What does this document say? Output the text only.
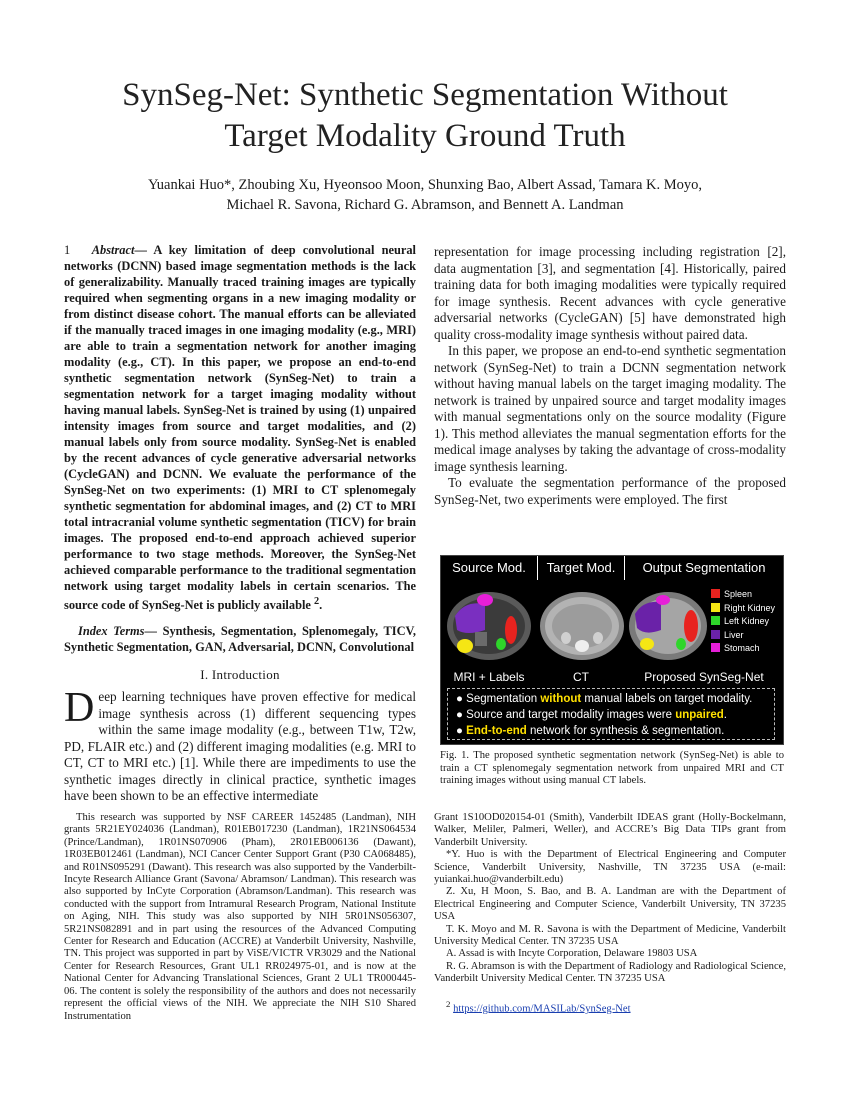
SynSeg-Net: Synthetic Segmentation Without
Target Modality Ground Truth
Yuankai Huo*, Zhoubing Xu, Hyeonsoo Moon, Shunxing Bao, Albert Assad, Tamara K. Moyo,
Michael R. Savona, Richard G. Abramson, and Bennett A. Landman
1 Abstract— A key limitation of deep convolutional neural networks (DCNN) based image segmentation methods is the lack of generalizability. Manually traced training images are typically required when segmenting organs in a new imaging modality or from distinct disease cohort. The manual efforts can be alleviated if the manually traced images in one imaging modality (e.g., MRI) are able to train a segmentation network for another imaging modality (e.g., CT). In this paper, we propose an end-to-end synthetic segmentation network (SynSeg-Net) to train a segmentation network for a target imaging modality without having manual labels. SynSeg-Net is trained by using (1) unpaired intensity images from source and target modalities, and (2) manual labels only from source modality. SynSeg-Net is enabled by the recent advances of cycle generative adversarial networks (CycleGAN) and DCNN. We evaluate the performance of the SynSeg-Net on two experiments: (1) MRI to CT splenomegaly synthetic segmentation for abdominal images, and (2) CT to MRI total intracranial volume synthetic segmentation (TICV) for brain images. The proposed end-to-end approach achieved superior performance to two stage methods. Moreover, the SynSeg-Net achieved comparable performance to the traditional segmentation network using target modality labels in certain scenarios. The source code of SynSeg-Net is publicly available $^2$.
Index Terms— Synthesis, Segmentation, Splenomegaly, TICV, Synthetic Segmentation, GAN, Adversarial, DCNN, Convolutional
I. Introduction
Deep learning techniques have proven effective for medical image synthesis across (1) different sequencing types within the same image modality (e.g., between T1w, T2w, PD, FLAIR etc.) and (2) different imaging modalities (e.g. MRI to CT, CT to MRI etc.) [1]. While there are impediments to use the synthetic images directly in clinical practice, synthetic images have been shown to be an effective intermediate

representation for image processing including registration [2], data augmentation [3], and segmentation [4]. Historically, paired training data for both imaging modalities were typically required for image synthesis. Recent advances with cycle generative adversarial networks (CycleGAN) [5] have demonstrated high quality cross-modality image synthesis without paired data.

In this paper, we propose an end-to-end synthetic segmentation network (SynSeg-Net) to train a DCNN segmentation network without having manual labels on the target imaging modality. The network is trained by unpaired source and target modality images with manual segmentations only on the source modality (Figure 1). This method alleviates the manual segmentation efforts for the medical image analyses by taking the advantage of cross-modality image synthesis learning.

To evaluate the segmentation performance of the proposed SynSeg-Net, two experiments were employed. The first

Source Mod.	Target Mod.	Output Segmentation
Spleen
Right Kidney
Left Kidney
Liver
Stomach
MRI + Labels	CT	Proposed SynSeg-Net
● Segmentation without manual labels on target modality.
● Source and target modality images were unpaired.
● End-to-end network for synthesis & segmentation.
Fig. 1. The proposed synthetic segmentation network (SynSeg-Net) is able to train a CT splenomegaly segmentation network from unpaired MRI and CT training images without using manual CT labels.

This research was supported by NSF CAREER 1452485 (Landman), NIH grants 5R21EY024036 (Landman), R01EB017230 (Landman), 1R21NS064534 (Prince/Landman), 1R01NS070906 (Pham), 2R01EB006136 (Dawant), 1R03EB012461 (Landman), NCI Cancer Center Support Grant (P30 CA068485), and R01NS095291 (Dawant). This research was also supported by the Vanderbilt-Incyte Research Alliance Grant (Savona/ Abramson/ Landman). This research was also supported by InCyte Corporation (Abramson/Landman). This research was conducted with the support from Intramural Research Program, National Institute on Aging, NIH. This study was also supported by NIH 5R01NS056307, 5R21NS082891 and in part using the resources of the Advanced Computing Center for Research and Education (ACCRE) at Vanderbilt University, Nashville, TN. This project was supported in part by ViSE/VICTR VR3029 and the National Center for Research Resources, Grant UL1 RR024975-01, and is now at the National Center for Advancing Translational Sciences, Grant 2 UL1 TR000445-06. The content is solely the responsibility of the authors and does not necessarily represent the official views of the NIH. We appreciate the NIH S10 Shared Instrumentation

Grant 1S10OD020154-01 (Smith), Vanderbilt IDEAS grant (Holly-Bockelmann, Walker, Meliler, Palmeri, Weller), and ACCRE’s Big Data TIPs grant from Vanderbilt University.

*Y. Huo is with the Department of Electrical Engineering and Computer Science, Vanderbilt University, Nashville, TN 37235 USA (e-mail: yuiankai.huo@vanderbilt.edu)

Z. Xu, H Moon, S. Bao, and B. A. Landman are with the Department of Electrical Engineering and Computer Science, Vanderbilt University, TN 37235 USA

T. K. Moyo and M. R. Savona is with the Department of Medicine, Vanderbilt University Medical Center. TN 37235 USA

A. Assad is with Incyte Corporation, Delaware 19803 USA

R. G. Abramson is with the Department of Radiology and Radiological Science, Vanderbilt University Medical Center. TN 37235 USA

$^2$ https://github.com/MASILab/SynSeg-Net
